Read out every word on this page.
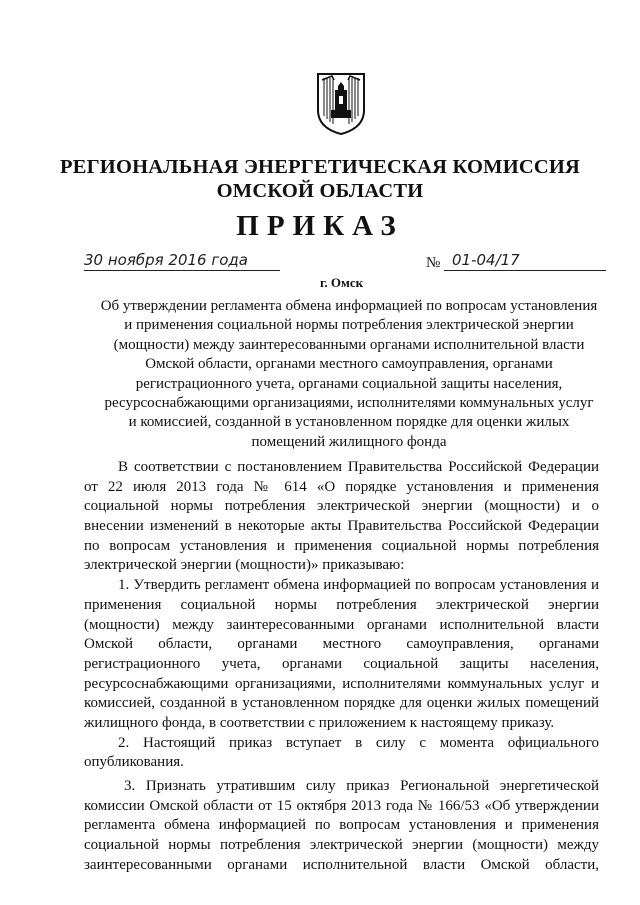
РЕГИОНАЛЬНАЯ ЭНЕРГЕТИЧЕСКАЯ КОМИССИЯ
ОМСКОЙ ОБЛАСТИ
ПРИКАЗ
30 ноября 2016 года
г. Омск
№ 01-04/17
Об утверждении регламента обмена информацией по вопросам установления
и применения социальной нормы потребления электрической энергии
(мощности) между заинтересованными органами исполнительной власти
Омской области, органами местного самоуправления, органами
регистрационного учета, органами социальной защиты населения,
ресурсоснабжающими организациями, исполнителями коммунальных услуг
и комиссией, созданной в установленном порядке для оценки жилых
помещений жилищного фонда
В соответствии с постановлением Правительства Российской Федерации
от 22 июля 2013 года № 614 «О порядке установления и применения
социальной нормы потребления электрической энергии (мощности) и о
внесении изменений в некоторые акты Правительства Российской Федерации
по вопросам установления и применения социальной нормы потребления
электрической энергии (мощности)» приказываю:
1. Утвердить регламент обмена информацией по вопросам установления и
применения социальной нормы потребления электрической энергии
(мощности) между заинтересованными органами исполнительной власти
Омской области, органами местного самоуправления, органами
регистрационного учета, органами социальной защиты населения,
ресурсоснабжающими организациями, исполнителями коммунальных услуг и
комиссией, созданной в установленном порядке для оценки жилых помещений
жилищного фонда, в соответствии с приложением к настоящему приказу.
2. Настоящий приказ вступает в силу с момента официального
опубликования.
3. Признать утратившим силу приказ Региональной энергетической
комиссии Омской области от 15 октября 2013 года № 166/53 «Об утверждении
регламента обмена информацией по вопросам установления и применения
социальной нормы потребления электрической энергии (мощности) между
заинтересованными органами исполнительной власти Омской области,
